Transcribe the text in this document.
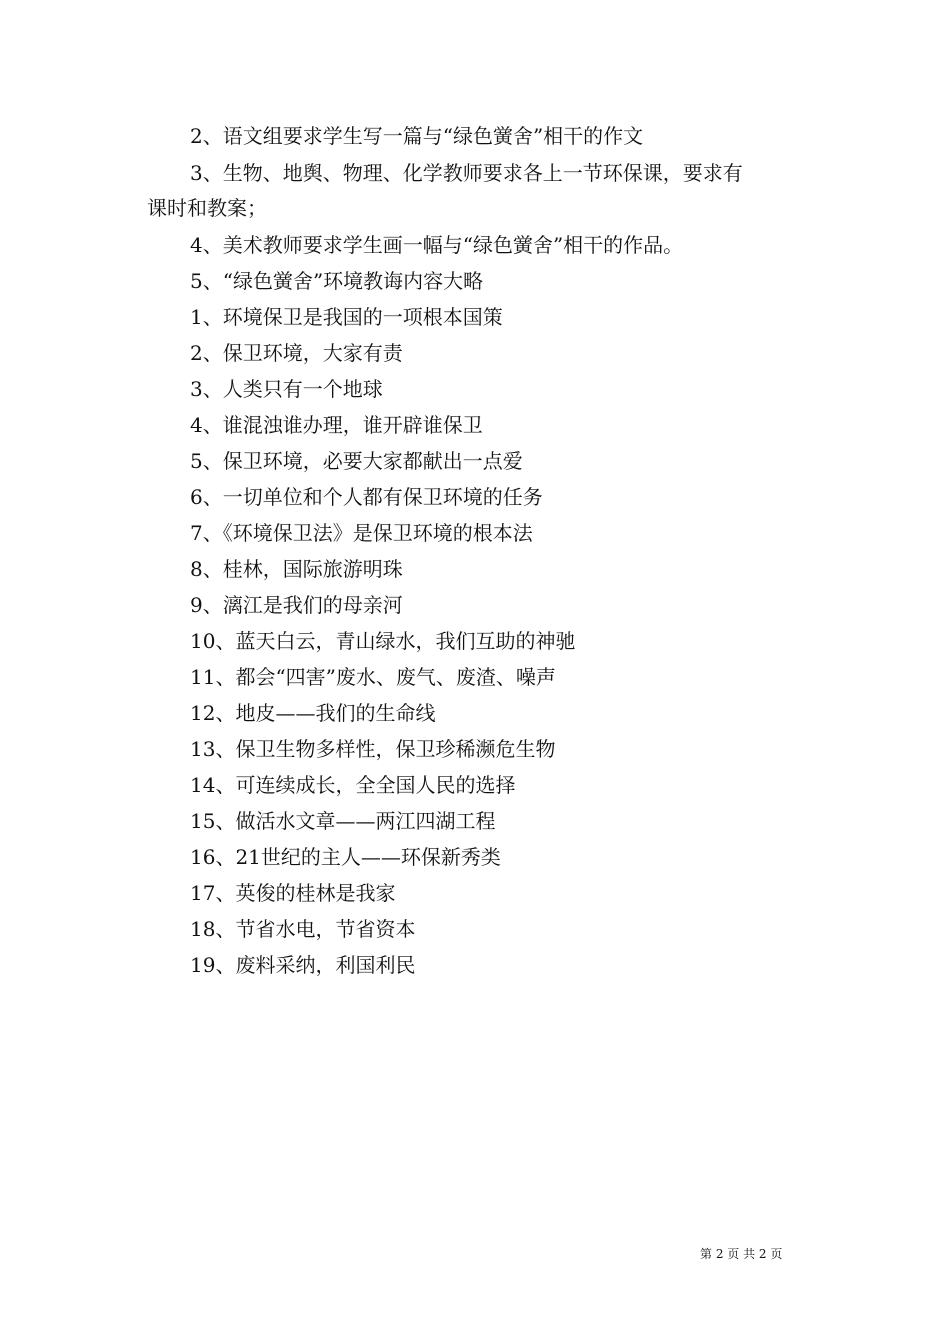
2、语文组要求学生写一篇与“绿色黉舍”相干的作文
3、生物、地舆、物理、化学教师要求各上一节环保课，要求有
课时和教案；
4、美术教师要求学生画一幅与“绿色黉舍”相干的作品。
5、“绿色黉舍”环境教诲内容大略
1、环境保卫是我国的一项根本国策
2、保卫环境，大家有责
3、人类只有一个地球
4、谁混浊谁办理，谁开辟谁保卫
5、保卫环境，必要大家都献出一点爱
6、一切单位和个人都有保卫环境的任务
7、《环境保卫法》是保卫环境的根本法
8、桂林，国际旅游明珠
9、漓江是我们的母亲河
10、蓝天白云，青山绿水，我们互助的神驰
11、都会“四害”废水、废气、废渣、噪声
12、地皮——我们的生命线
13、保卫生物多样性，保卫珍稀濒危生物
14、可连续成长，全全国人民的选择
15、做活水文章——两江四湖工程
16、21世纪的主人——环保新秀类
17、英俊的桂林是我家
18、节省水电，节省资本
19、废料采纳，利国利民
第 2 页 共 2 页
